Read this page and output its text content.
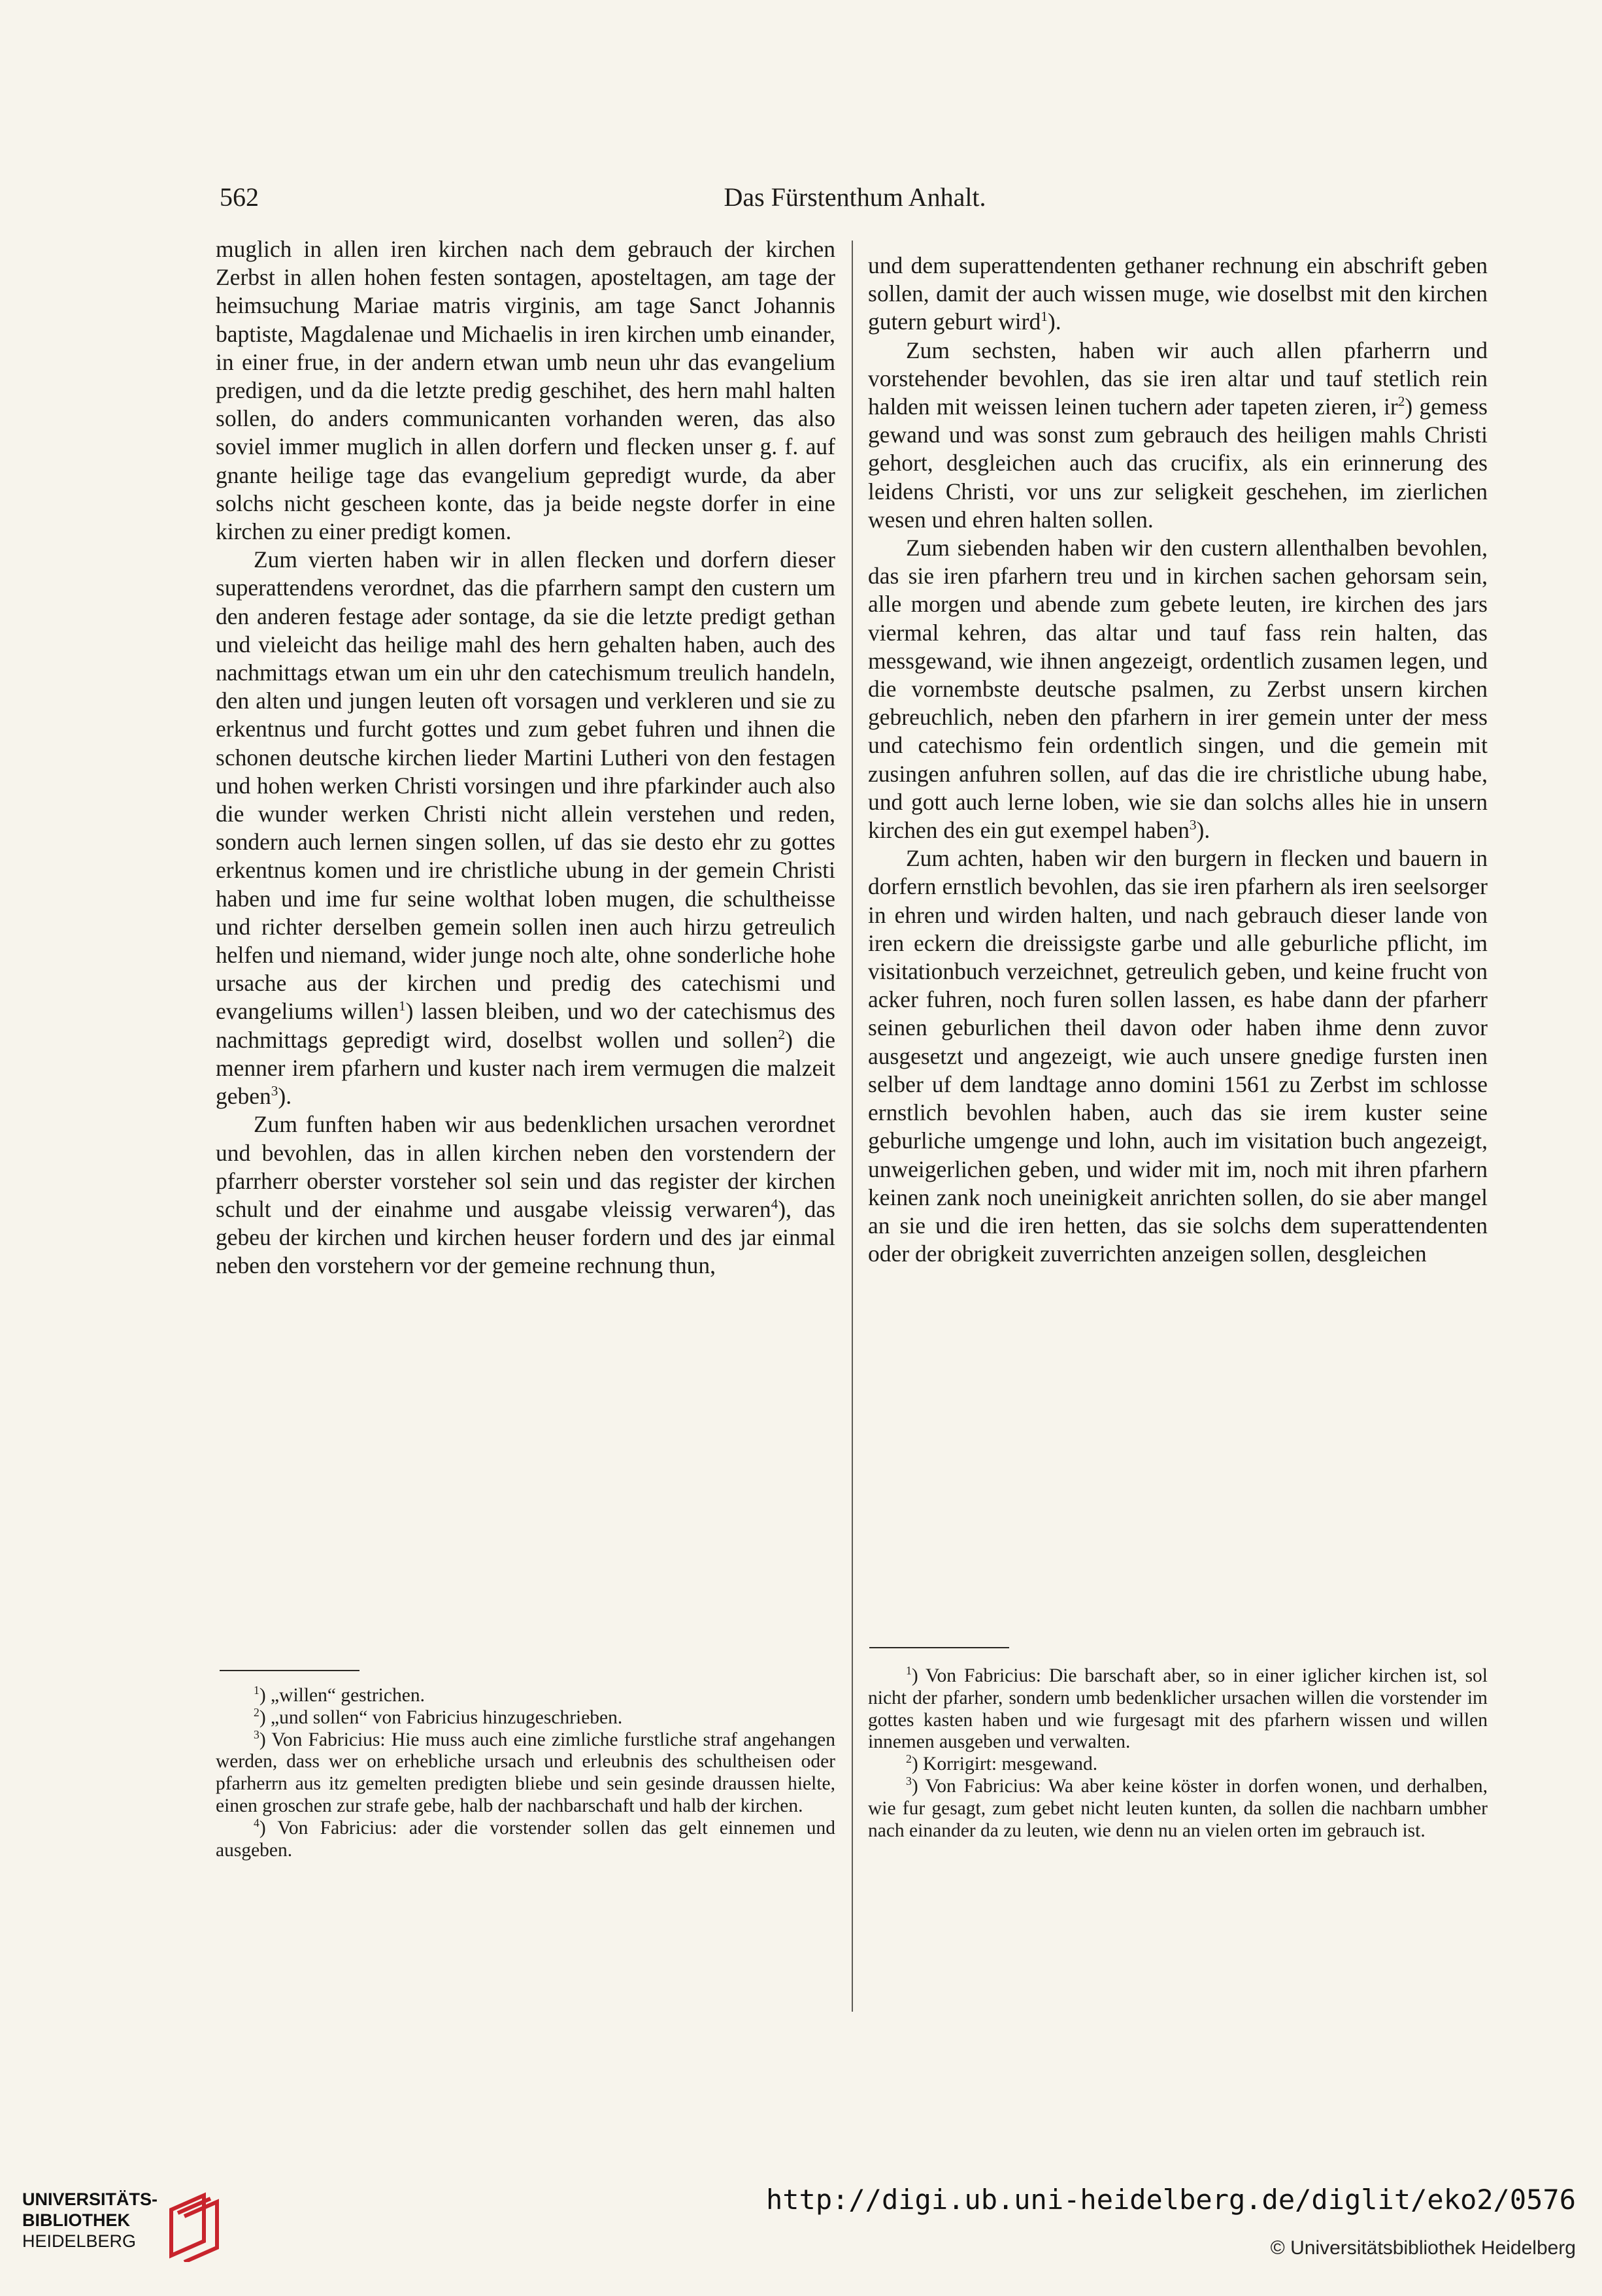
562	Das Fürstenthum Anhalt.

muglich in allen iren kirchen nach dem gebrauch der kirchen Zerbst in allen hohen festen sontagen, aposteltagen, am tage der heimsuchung Mariae matris virginis, am tage Sanct Johannis baptiste, Magdalenae und Michaelis in iren kirchen umb einander, in einer frue, in der andern etwan umb neun uhr das evangelium predigen, und da die letzte predig geschihet, des hern mahl halten sollen, do anders communicanten vorhanden weren, das also soviel immer muglich in allen dorfern und flecken unser g. f. auf gnante heilige tage das evangelium gepredigt wurde, da aber solchs nicht gescheen konte, das ja beide negste dorfer in eine kirchen zu einer predigt komen.

Zum vierten haben wir in allen flecken und dorfern dieser superattendens verordnet, das die pfarrhern sampt den custern um den anderen festage ader sontage, da sie die letzte predigt gethan und vieleicht das heilige mahl des hern gehalten haben, auch des nachmittags etwan um ein uhr den catechismum treulich handeln, den alten und jungen leuten oft vorsagen und verkleren und sie zu erkentnus und furcht gottes und zum gebet fuhren und ihnen die schonen deutsche kirchen lieder Martini Lutheri von den festagen und hohen werken Christi vorsingen und ihre pfarkinder auch also die wunder werken Christi nicht allein verstehen und reden, sondern auch lernen singen sollen, uf das sie desto ehr zu gottes erkentnus komen und ire christliche ubung in der gemein Christi haben und ime fur seine wolthat loben mugen, die schultheisse und richter derselben gemein sollen inen auch hirzu getreulich helfen und niemand, wider junge noch alte, ohne sonderliche hohe ursache aus der kirchen und predig des catechismi und evangeliums willen$^1$) lassen bleiben, und wo der catechismus des nachmittags gepredigt wird, doselbst wollen und sollen$^2$) die menner irem pfarhern und kuster nach irem vermugen die malzeit geben$^3$).

Zum funften haben wir aus bedenklichen ursachen verordnet und bevohlen, das in allen kirchen neben den vorstendern der pfarrherr oberster vorsteher sol sein und das register der kirchen schult und der einahme und ausgabe vleissig verwaren$^4$), das gebeu der kirchen und kirchen heuser fordern und des jar einmal neben den vorstehern vor der gemeine rechnung thun,

und dem superattendenten gethaner rechnung ein abschrift geben sollen, damit der auch wissen muge, wie doselbst mit den kirchen gutern geburt wird$^1$).

Zum sechsten, haben wir auch allen pfarherrn und vorstehender bevohlen, das sie iren altar und tauf stetlich rein halden mit weissen leinen tuchern ader tapeten zieren, $ir^2$) gemess gewand und was sonst zum gebrauch des heiligen mahls Christi gehort, desgleichen auch das crucifix, als ein erinnerung des leidens Christi, vor uns zur seligkeit geschehen, im zierlichen wesen und ehren halten sollen.

Zum siebenden haben wir den custern allenthalben bevohlen, das sie iren pfarhern treu und in kirchen sachen gehorsam sein, alle morgen und abende zum gebete leuten, ire kirchen des jars viermal kehren, das altar und tauf fass rein halten, das messgewand, wie ihnen angezeigt, ordentlich zusamen legen, und die vornembste deutsche psalmen, zu Zerbst unsern kirchen gebreuchlich, neben den pfarhern in irer gemein unter der mess und catechismo fein ordentlich singen, und die gemein mit zusingen anfuhren sollen, auf das die ire christliche ubung habe, und gott auch lerne loben, wie sie dan solchs alles hie in unsern kirchen des ein gut exempel haben$^3$).

Zum achten, haben wir den burgern in flecken und bauern in dorfern ernstlich bevohlen, das sie iren pfarhern als iren seelsorger in ehren und wirden halten, und nach gebrauch dieser lande von iren eckern die dreissigste garbe und alle geburliche pflicht, im visitationbuch verzeichnet, getreulich geben, und keine frucht von acker fuhren, noch furen sollen lassen, es habe dann der pfarherr seinen geburlichen theil davon oder haben ihme denn zuvor ausgesetzt und angezeigt, wie auch unsere gnedige fursten inen selber uf dem landtage anno domini 1561 zu Zerbst im schlosse ernstlich bevohlen haben, auch das sie irem kuster seine geburliche umgenge und lohn, auch im visitation buch angezeigt, unweigerlichen geben, und wider mit im, noch mit ihren pfarhern keinen zank noch uneinigkeit anrichten sollen, do sie aber mangel an sie und die iren hetten, das sie solchs dem superattendenten oder der obrigkeit zuverrichten anzeigen sollen, desgleichen

$^1$) „willen“ gestrichen.

$^2$) „und sollen“ von Fabricius hinzugeschrieben.

$^3$) Von Fabricius: Hie muss auch eine zimliche furstliche straf angehangen werden, dass wer on erhebliche ursach und erleubnis des schultheisen oder pfarherrn aus itz gemelten predigten bliebe und sein gesinde draussen hielte, einen groschen zur strafe gebe, halb der nachbarschaft und halb der kirchen.

$^4$) Von Fabricius: ader die vorstender sollen das gelt einnemen und ausgeben.

$^1$) Von Fabricius: Die barschaft aber, so in einer iglicher kirchen ist, sol nicht der pfarher, sondern umb bedenklicher ursachen willen die vorstender im gottes kasten haben und wie furgesagt mit des pfarhern wissen und willen innemen ausgeben und verwalten.

$^2$) Korrigirt: mesgewand.

$^3$) Von Fabricius: Wa aber keine köster in dorfen wonen, und derhalben, wie fur gesagt, zum gebet nicht leuten kunten, da sollen die nachbarn umbher nach einander da zu leuten, wie denn nu an vielen orten im gebrauch ist.

UNIVERSITÄTS-
BIBLIOTHEK
HEIDELBERG
http://digi.ub.uni-heidelberg.de/diglit/eko2/0576
© Universitätsbibliothek Heidelberg
